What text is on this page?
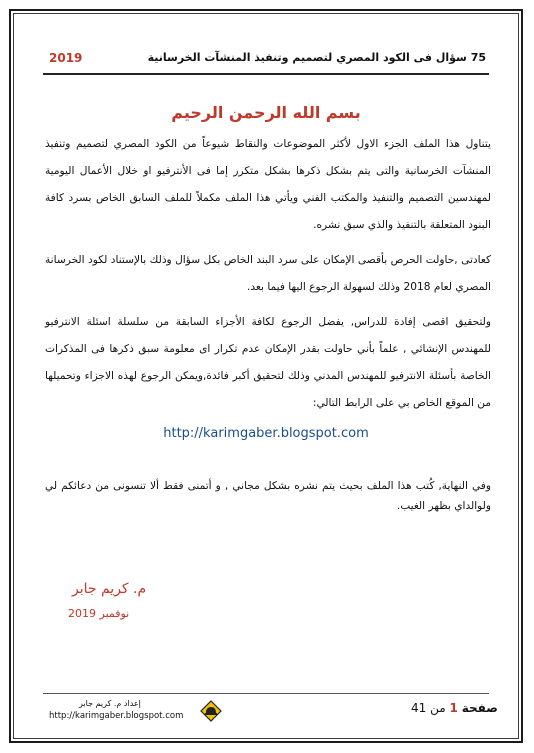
75 سؤال فى الكود المصري لتصميم وتنفيذ المنشآت الخرسانية
2019
بسم الله الرحمن الرحيم
يتناول هذا الملف الجزء الاول لأكثر الموضوعات والنقاط شيوعاً من الكود المصري لتصميم وتنفيذ المنشآت الخرسانية والتى يتم بشكل ذكرها بشكل متكرر إما فى الأنترفيو او خلال الأعمال اليومية لمهندسين التصميم والتنفيذ والمكتب الفني ويأتي هذا الملف مكملاً للملف السابق الخاص بسرد كافة البنود المتعلقة بالتنفيذ والذي سبق نشره.
كعادتى ,حاولت الحرص بأقصى الإمكان على سرد البند الخاص بكل سؤال وذلك بالإستناد لكود الخرسانة المصري لعام 2018 وذلك لسهولة الرجوع اليها فيما بعد.
ولتحقيق اقصى إفادة للدراس, يفضل الرجوع لكافة الأجزاء السابقة من سلسلة اسئلة الانترفيو للمهندس الإنشائي , علماً بأني حاولت بقدر الإمكان عدم تكرار اى معلومة سبق ذكرها فى المذكرات الخاصة بأسئلة الانترفيو للمهندس المدني وذلك لتحقيق أكبر فائدة,ويمكن الرجوع لهذه الاجزاء وتحميلها من الموقع الخاص بي على الرابط التالي:
http://karimgaber.blogspot.com
وفي النهاية, كُتب هذا الملف بحيث يتم نشره بشكل مجاني , و أتمنى فقط ألا تنسونى من دعائكم لي ولوالداي بظهر الغيب.
م. كريم جابر
نوفمبر 2019
إعداد م. كريم جابر
http://karimgaber.blogspot.com
صفحة 1 من 41
